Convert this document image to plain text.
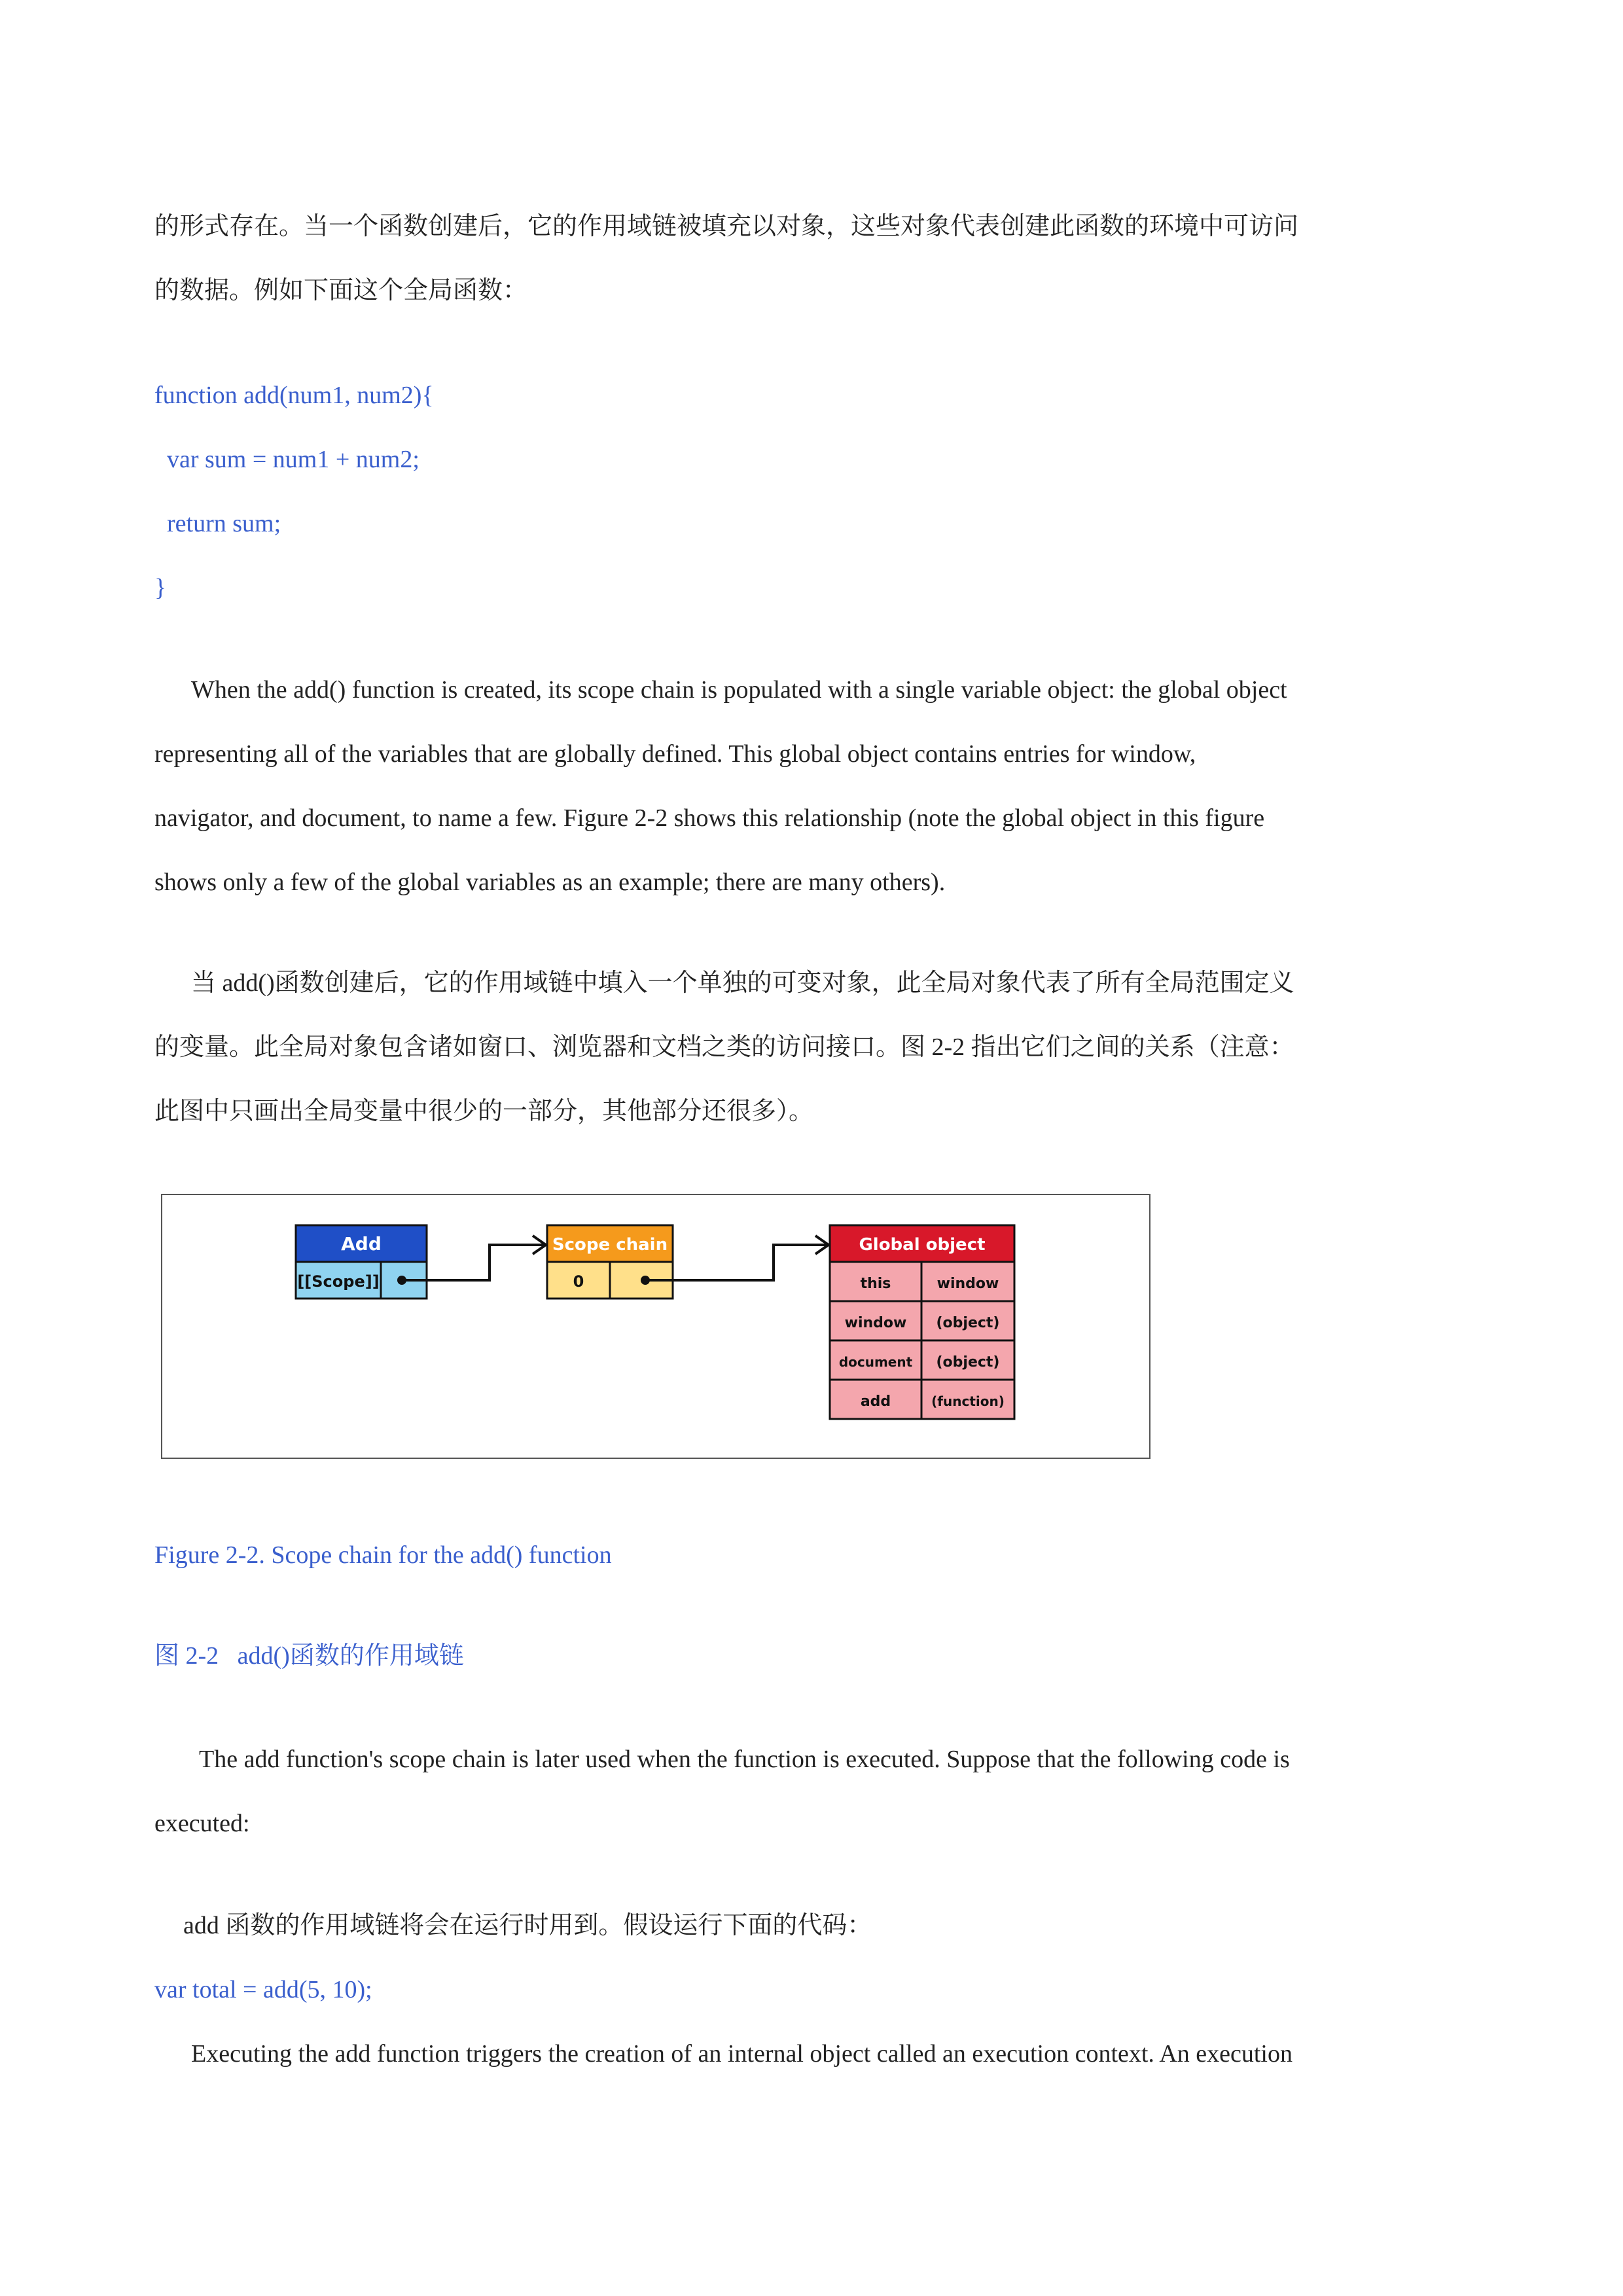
的形式存在。当一个函数创建后，它的作用域链被填充以对象，这些对象代表创建此函数的环境中可访问
的数据。例如下面这个全局函数：
function add(num1, num2){
var sum = num1 + num2;
return sum;
}
When the add() function is created, its scope chain is populated with a single variable object: the global object
representing all of the variables that are globally defined. This global object contains entries for window,
navigator, and document, to name a few. Figure 2-2 shows this relationship (note the global object in this figure
shows only a few of the global variables as an example; there are many others).
当 add()函数创建后，它的作用域链中填入一个单独的可变对象，此全局对象代表了所有全局范围定义
的变量。此全局对象包含诸如窗口、浏览器和文档之类的访问接口。图 2-2 指出它们之间的关系（注意：
此图中只画出全局变量中很少的一部分，其他部分还很多）。
Add
[[Scope]]
Scope chain
0
Global object
this	window
window (object)
document (object)
add	(function)
Figure 2-2. Scope chain for the add() function
图 2-2   add()函数的作用域链
The add function's scope chain is later used when the function is executed. Suppose that the following code is
executed:
add 函数的作用域链将会在运行时用到。假设运行下面的代码：
var total = add(5, 10);
Executing the add function triggers the creation of an internal object called an execution context. An execution
